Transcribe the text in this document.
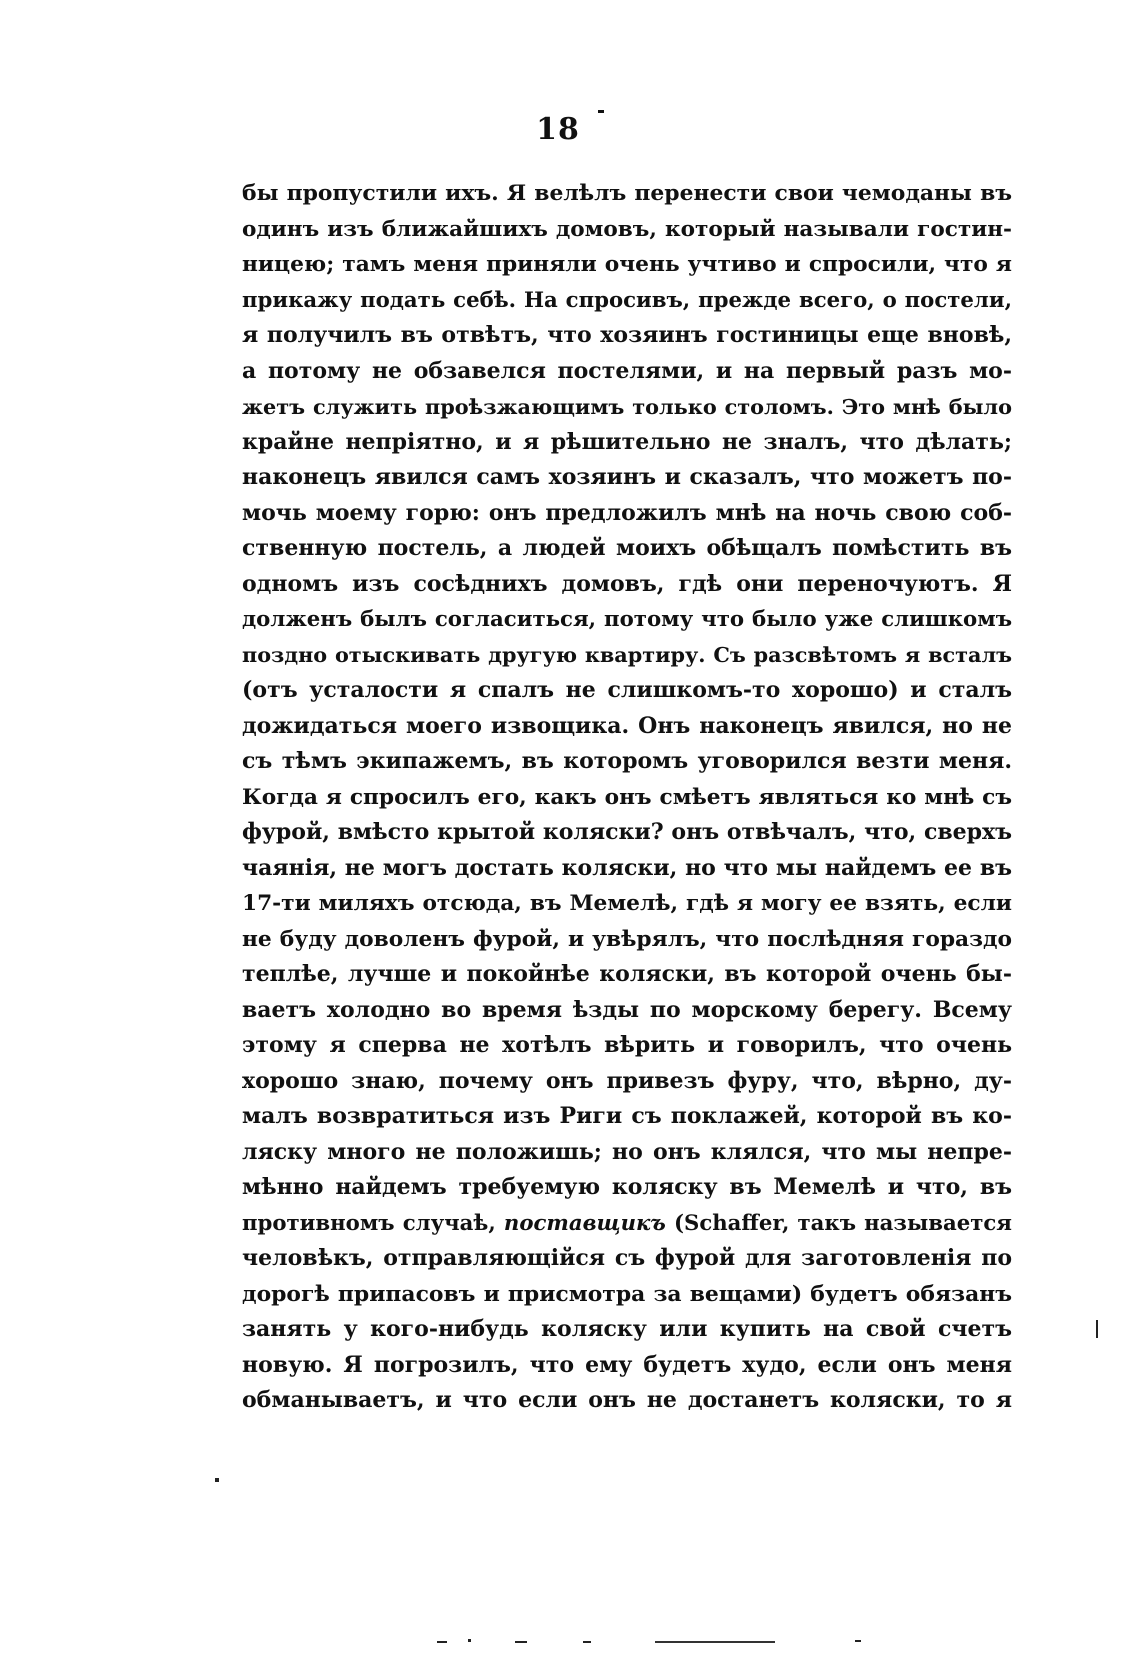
18
бы пропустили ихъ. Я велѣлъ перенести свои чемоданы въ
одинъ изъ ближайшихъ домовъ, который называли гостин-
ницею; тамъ меня приняли очень учтиво и спросили, что я
прикажу подать себѣ. На спросивъ, прежде всего, о постели,
я получилъ въ отвѣтъ, что хозяинъ гостиницы еще вновѣ,
а потому не обзавелся постелями, и на первый разъ мо-
жетъ служить проѣзжающимъ только столомъ. Это мнѣ было
крайне непріятно, и я рѣшительно не зналъ, что дѣлать;
наконецъ явился самъ хозяинъ и сказалъ, что можетъ по-
мочь моему горю: онъ предложилъ мнѣ на ночь свою соб-
ственную постель, а людей моихъ обѣщалъ помѣстить въ
одномъ изъ сосѣднихъ домовъ, гдѣ они переночуютъ. Я
долженъ былъ согласиться, потому что было уже слишкомъ
поздно отыскивать другую квартиру. Съ разсвѣтомъ я всталъ
(отъ усталости я спалъ не слишкомъ-то хорошо) и сталъ
дожидаться моего извощика. Онъ наконецъ явился, но не
съ тѣмъ экипажемъ, въ которомъ уговорился везти меня.
Когда я спросилъ его, какъ онъ смѣетъ являться ко мнѣ съ
фурой, вмѣсто крытой коляски? онъ отвѣчалъ, что, сверхъ
чаянія, не могъ достать коляски, но что мы найдемъ ее въ
17-ти миляхъ отсюда, въ Мемелѣ, гдѣ я могу ее взять, если
не буду доволенъ фурой, и увѣрялъ, что послѣдняя гораздо
теплѣе, лучше и покойнѣе коляски, въ которой очень бы-
ваетъ холодно во время ѣзды по морскому берегу. Всему
этому я сперва не хотѣлъ вѣрить и говорилъ, что очень
хорошо знаю, почему онъ привезъ фуру, что, вѣрно, ду-
малъ возвратиться изъ Риги съ поклажей, которой въ ко-
ляску много не положишь; но онъ клялся, что мы непре-
мѣнно найдемъ требуемую коляску въ Мемелѣ и что, въ
противномъ случаѣ, поставщикъ (Schaffer, такъ называется
человѣкъ, отправляющійся съ фурой для заготовленія по
дорогѣ припасовъ и присмотра за вещами) будетъ обязанъ
занять у кого-нибудь коляску или купить на свой счетъ
новую. Я погрозилъ, что ему будетъ худо, если онъ меня
обманываетъ, и что если онъ не достанетъ коляски, то я
